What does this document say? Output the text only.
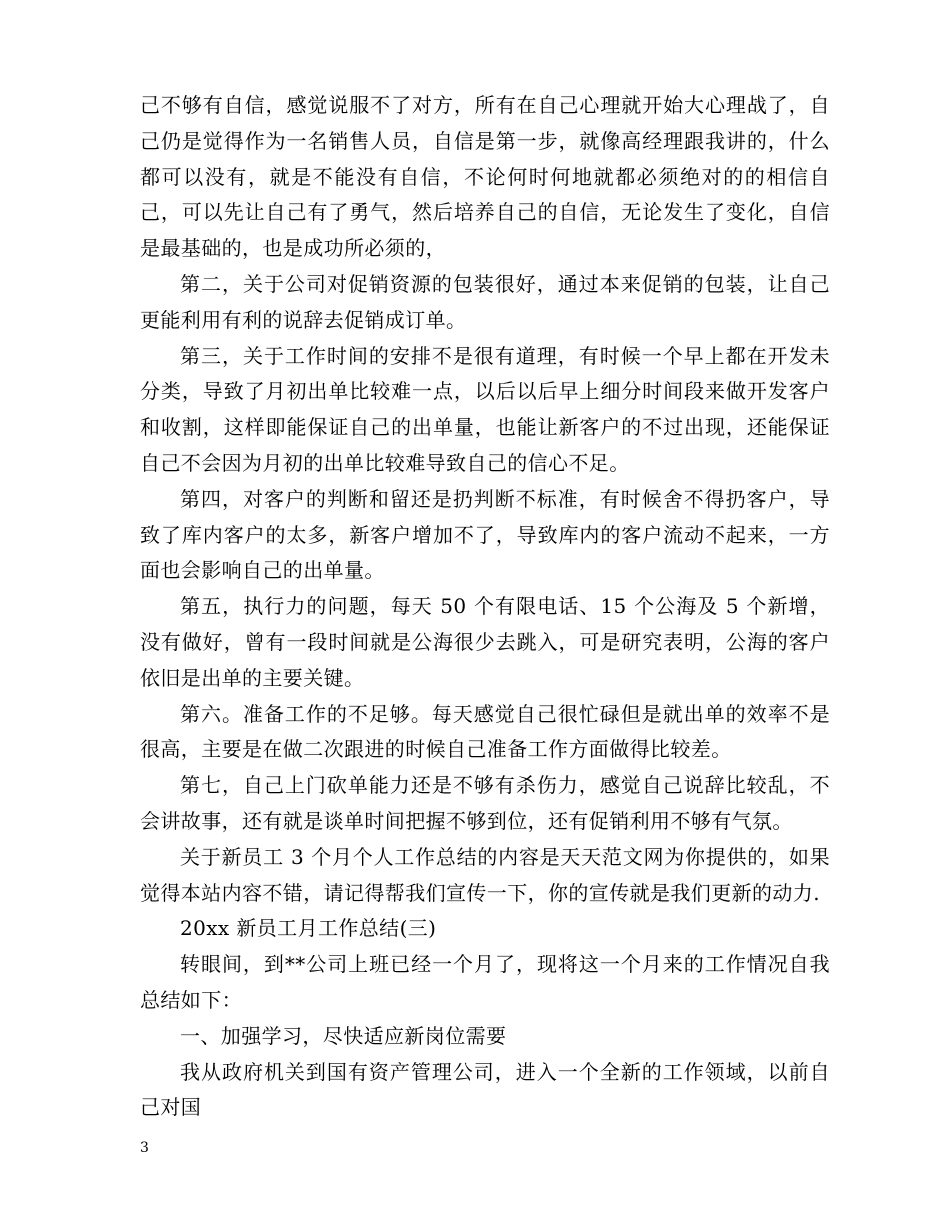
己不够有自信，感觉说服不了对方，所有在自己心理就开始大心理战了，自己仍是觉得作为一名销售人员，自信是第一步，就像高经理跟我讲的，什么都可以没有，就是不能没有自信，不论何时何地就都必须绝对的的相信自己，可以先让自己有了勇气，然后培养自己的自信，无论发生了变化，自信是最基础的，也是成功所必须的，

第二，关于公司对促销资源的包装很好，通过本来促销的包装，让自己更能利用有利的说辞去促销成订单。

第三，关于工作时间的安排不是很有道理，有时候一个早上都在开发未分类，导致了月初出单比较难一点，以后以后早上细分时间段来做开发客户和收割，这样即能保证自己的出单量，也能让新客户的不过出现，还能保证自己不会因为月初的出单比较难导致自己的信心不足。

第四，对客户的判断和留还是扔判断不标准，有时候舍不得扔客户，导致了库内客户的太多，新客户增加不了，导致库内的客户流动不起来，一方面也会影响自己的出单量。

第五，执行力的问题，每天 50 个有限电话、15 个公海及 5 个新增，没有做好，曾有一段时间就是公海很少去跳入，可是研究表明，公海的客户依旧是出单的主要关键。

第六。准备工作的不足够。每天感觉自己很忙碌但是就出单的效率不是很高，主要是在做二次跟进的时候自己准备工作方面做得比较差。

第七，自己上门砍单能力还是不够有杀伤力，感觉自己说辞比较乱，不会讲故事，还有就是谈单时间把握不够到位，还有促销利用不够有气氛。

关于新员工 3 个月个人工作总结的内容是天天范文网为你提供的，如果觉得本站内容不错，请记得帮我们宣传一下，你的宣传就是我们更新的动力.

20xx 新员工月工作总结(三)

转眼间，到**公司上班已经一个月了，现将这一个月来的工作情况自我总结如下：

一、加强学习，尽快适应新岗位需要

我从政府机关到国有资产管理公司，进入一个全新的工作领域，以前自己对国

3
